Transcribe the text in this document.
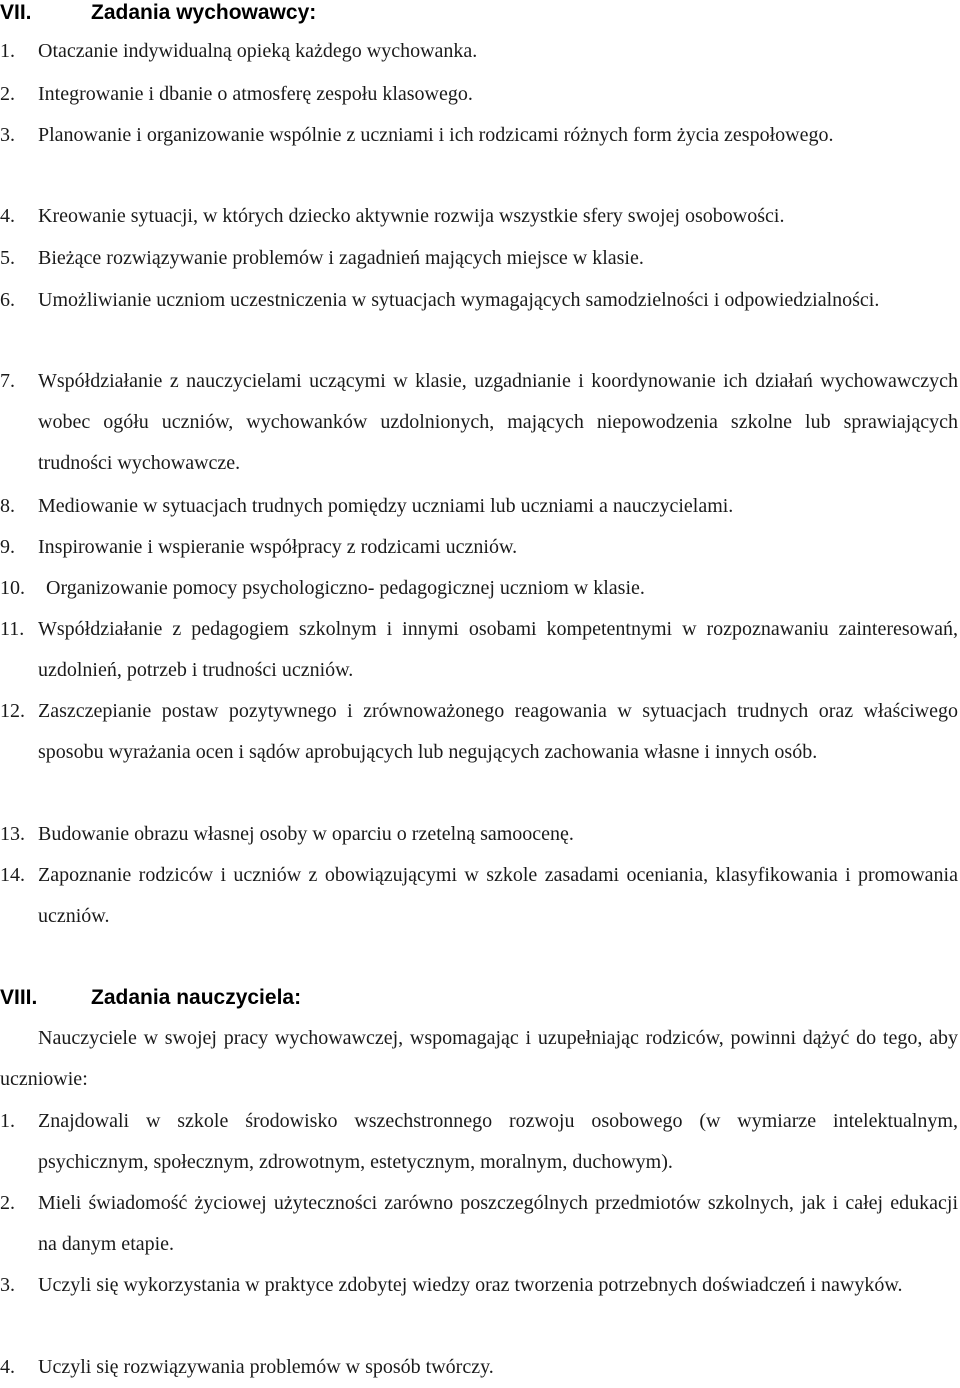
VII.	Zadania wychowawcy:
1. Otaczanie indywidualną opieką każdego wychowanka.
2. Integrowanie i dbanie o atmosferę zespołu klasowego.
3. Planowanie i organizowanie wspólnie z uczniami i ich rodzicami różnych form życia zespołowego.
4. Kreowanie sytuacji, w których dziecko aktywnie rozwija wszystkie sfery swojej osobowości.
5. Bieżące rozwiązywanie problemów i zagadnień mających miejsce w klasie.
6. Umożliwianie uczniom uczestniczenia w sytuacjach wymagających samodzielności i odpowiedzialności.
7. Współdziałanie z nauczycielami uczącymi w klasie, uzgadnianie i koordynowanie ich działań wychowawczych wobec ogółu uczniów, wychowanków uzdolnionych, mających niepowodzenia szkolne lub sprawiających trudności wychowawcze.
8. Mediowanie w sytuacjach trudnych pomiędzy uczniami lub uczniami a nauczycielami.
9. Inspirowanie i wspieranie współpracy z rodzicami uczniów.
10. Organizowanie pomocy psychologiczno- pedagogicznej uczniom w klasie.
11. Współdziałanie z pedagogiem szkolnym i innymi osobami kompetentnymi w rozpoznawaniu zainteresowań, uzdolnień, potrzeb i trudności uczniów.
12. Zaszczepianie postaw pozytywnego i zrównoważonego reagowania w sytuacjach trudnych oraz właściwego sposobu wyrażania ocen i sądów aprobujących lub negujących zachowania własne i innych osób.
13. Budowanie obrazu własnej osoby w oparciu o rzetelną samoocenę.
14. Zapoznanie rodziców i uczniów z obowiązującymi w szkole zasadami oceniania, klasyfikowania i promowania uczniów.
VIII.	Zadania nauczyciela:
Nauczyciele w swojej pracy wychowawczej, wspomagając i uzupełniając rodziców, powinni dążyć do tego, aby uczniowie:
1. Znajdowali w szkole środowisko wszechstronnego rozwoju osobowego (w wymiarze intelektualnym, psychicznym, społecznym, zdrowotnym, estetycznym, moralnym, duchowym).
2. Mieli świadomość życiowej użyteczności zarówno poszczególnych przedmiotów szkolnych, jak i całej edukacji na danym etapie.
3. Uczyli się wykorzystania w praktyce zdobytej wiedzy oraz tworzenia potrzebnych doświadczeń i nawyków.
4. Uczyli się rozwiązywania problemów w sposób twórczy.
